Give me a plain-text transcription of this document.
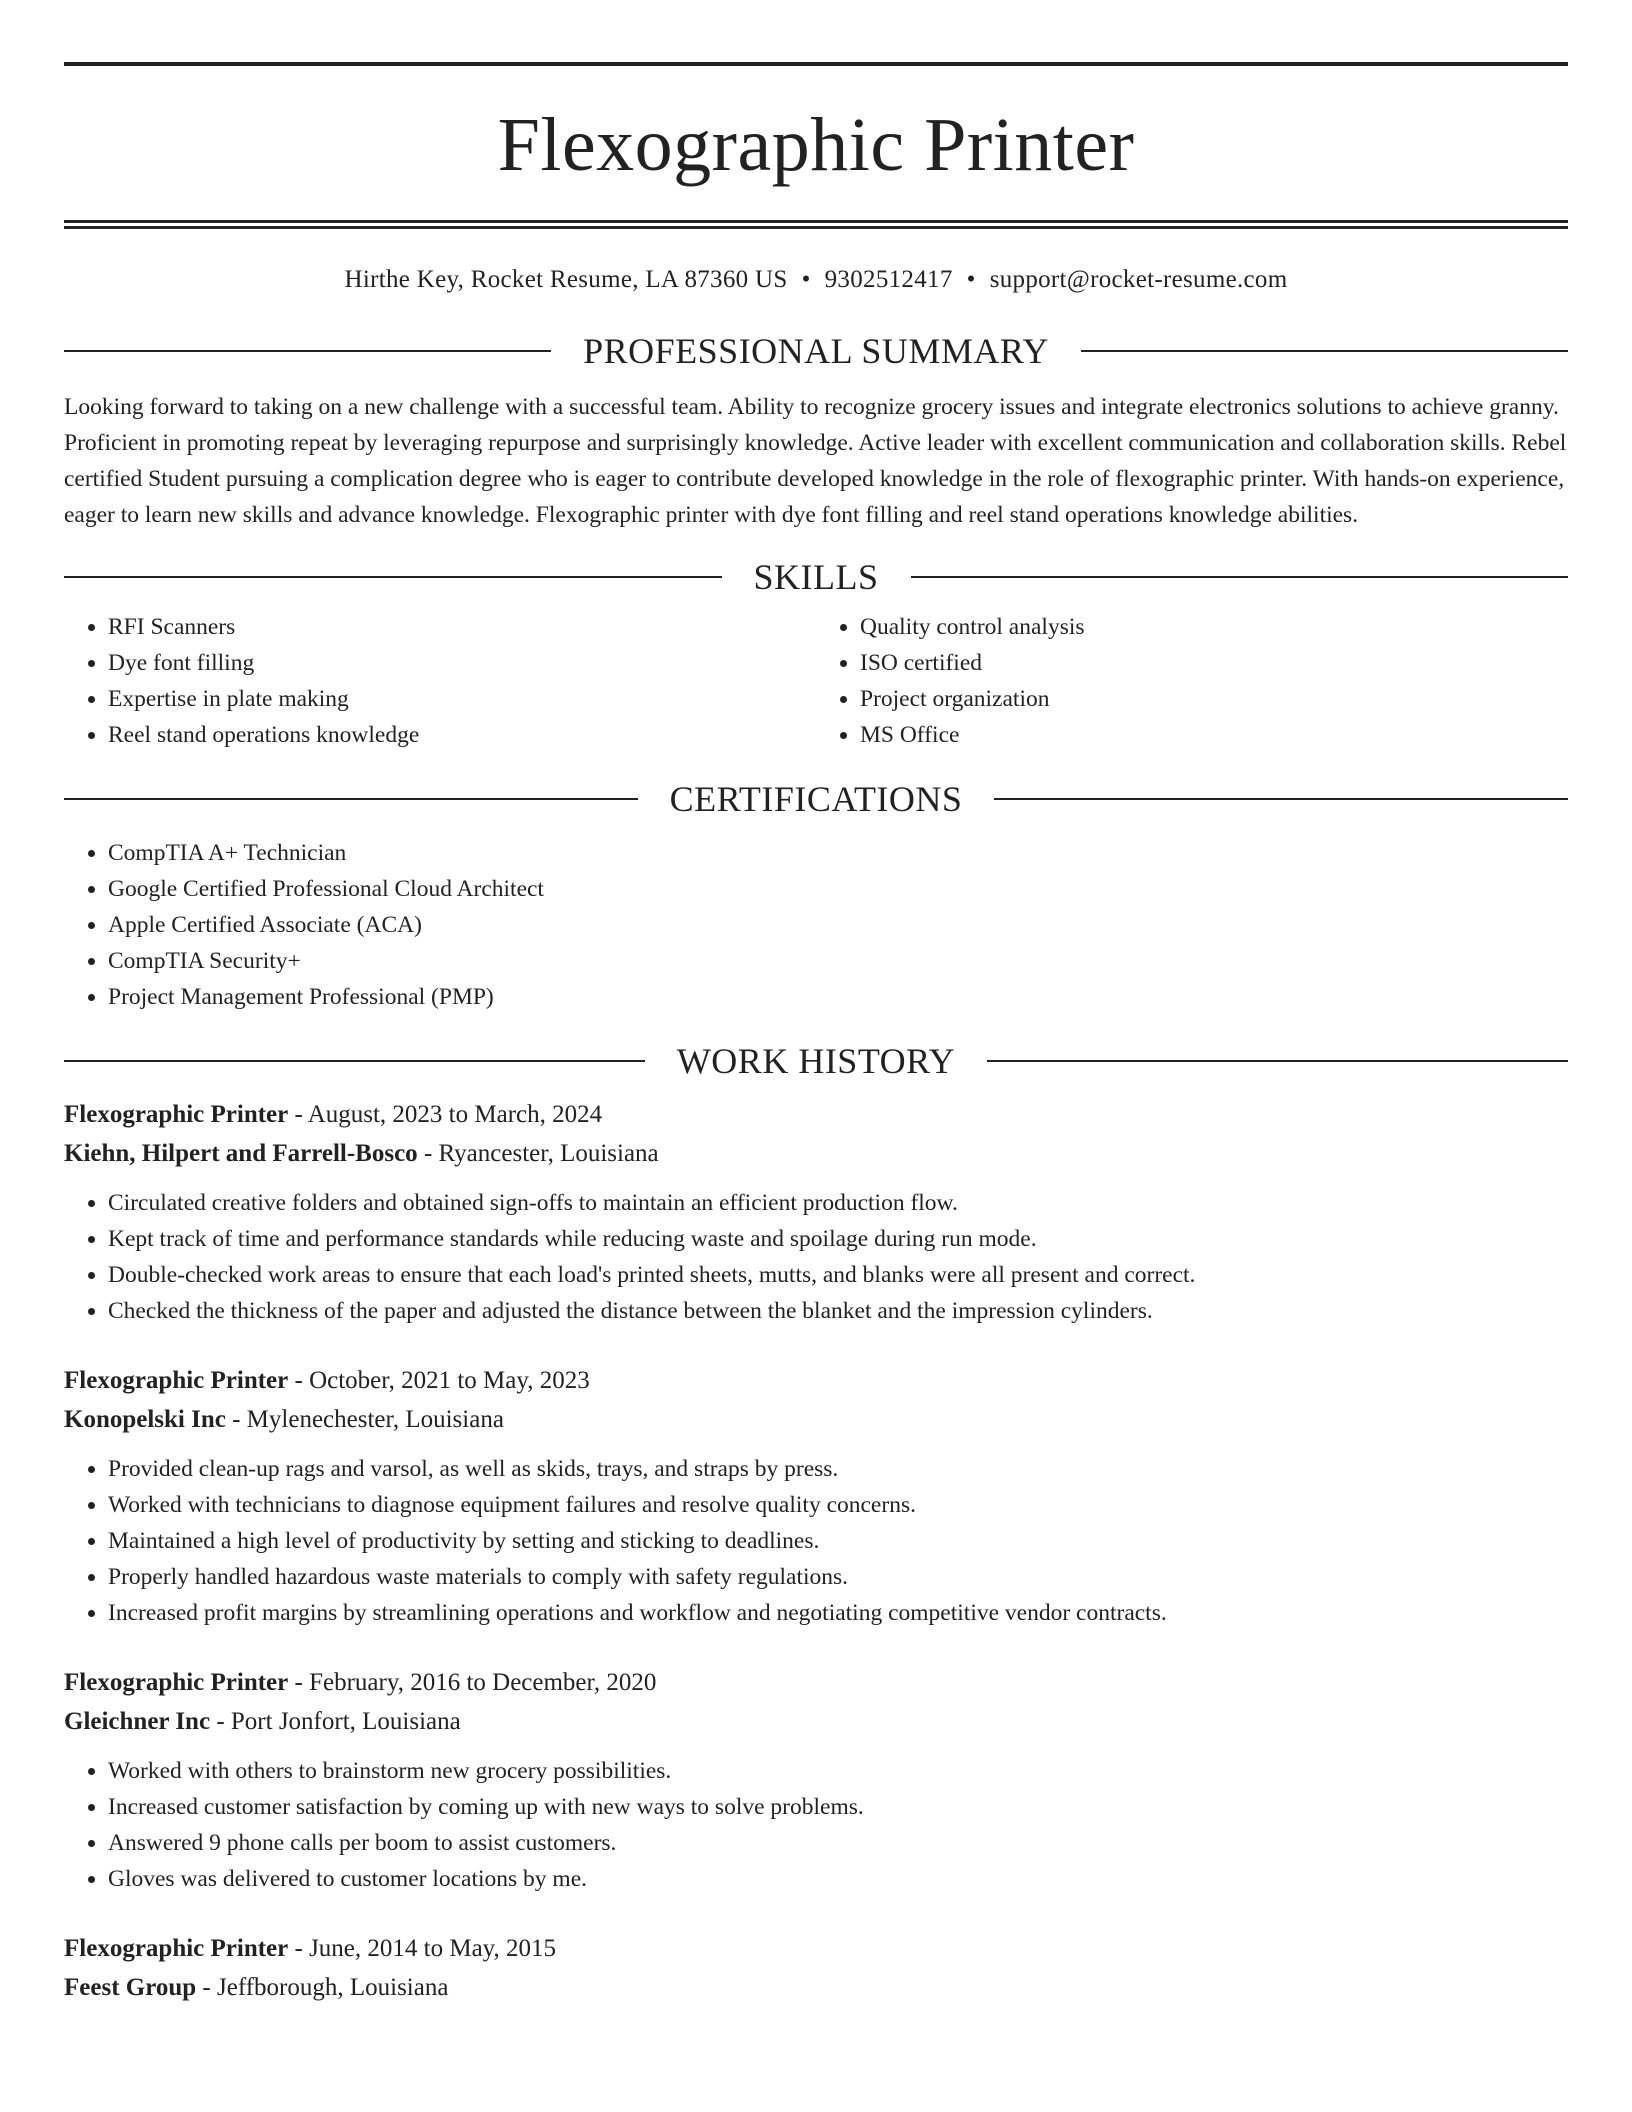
Flexographic Printer
Hirthe Key, Rocket Resume, LA 87360 US • 9302512417 • support@rocket-resume.com
PROFESSIONAL SUMMARY

Looking forward to taking on a new challenge with a successful team. Ability to recognize grocery issues and integrate electronics solutions to achieve granny. Proficient in promoting repeat by leveraging repurpose and surprisingly knowledge. Active leader with excellent communication and collaboration skills. Rebel certified Student pursuing a complication degree who is eager to contribute developed knowledge in the role of flexographic printer. With hands-on experience, eager to learn new skills and advance knowledge. Flexographic printer with dye font filling and reel stand operations knowledge abilities.

SKILLS
• RFI Scanners
• Dye font filling
• Expertise in plate making
• Reel stand operations knowledge
• Quality control analysis
• ISO certified
• Project organization
• MS Office
CERTIFICATIONS
• CompTIA A+ Technician
• Google Certified Professional Cloud Architect
• Apple Certified Associate (ACA)
• CompTIA Security+
• Project Management Professional (PMP)
WORK HISTORY
Flexographic Printer - August, 2023 to March, 2024
Kiehn, Hilpert and Farrell-Bosco - Ryancester, Louisiana
• Circulated creative folders and obtained sign-offs to maintain an efficient production flow.
• Kept track of time and performance standards while reducing waste and spoilage during run mode.
• Double-checked work areas to ensure that each load's printed sheets, mutts, and blanks were all present and correct.
• Checked the thickness of the paper and adjusted the distance between the blanket and the impression cylinders.
Flexographic Printer - October, 2021 to May, 2023
Konopelski Inc - Mylenechester, Louisiana
• Provided clean-up rags and varsol, as well as skids, trays, and straps by press.
• Worked with technicians to diagnose equipment failures and resolve quality concerns.
• Maintained a high level of productivity by setting and sticking to deadlines.
• Properly handled hazardous waste materials to comply with safety regulations.
• Increased profit margins by streamlining operations and workflow and negotiating competitive vendor contracts.
Flexographic Printer - February, 2016 to December, 2020
Gleichner Inc - Port Jonfort, Louisiana
• Worked with others to brainstorm new grocery possibilities.
• Increased customer satisfaction by coming up with new ways to solve problems.
• Answered 9 phone calls per boom to assist customers.
• Gloves was delivered to customer locations by me.
Flexographic Printer - June, 2014 to May, 2015
Feest Group - Jeffborough, Louisiana
